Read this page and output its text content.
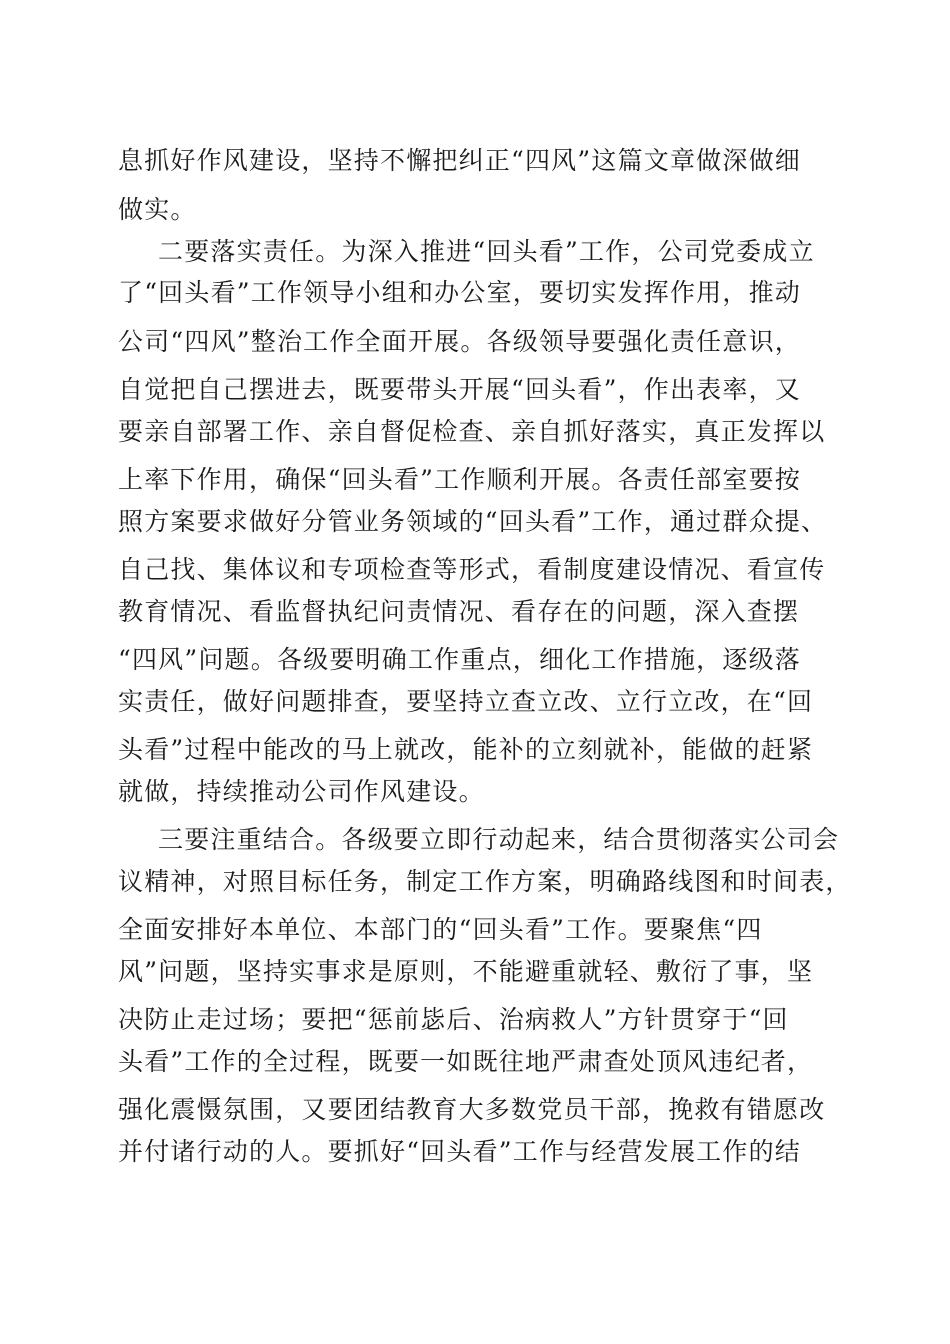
息抓好作风建设，坚持不懈把纠正“四风”这篇文章做深做细
做实。
二要落实责任。为深入推进“回头看”工作，公司党委成立
了“回头看”工作领导小组和办公室，要切实发挥作用，推动
公司“四风”整治工作全面开展。各级领导要强化责任意识，
自觉把自己摆进去，既要带头开展“回头看”，作出表率，又
要亲自部署工作、亲自督促检查、亲自抓好落实，真正发挥以
上率下作用，确保“回头看”工作顺利开展。各责任部室要按
照方案要求做好分管业务领域的“回头看”工作，通过群众提、
自己找、集体议和专项检查等形式，看制度建设情况、看宣传
教育情况、看监督执纪问责情况、看存在的问题，深入查摆
“四风”问题。各级要明确工作重点，细化工作措施，逐级落
实责任，做好问题排查，要坚持立查立改、立行立改，在“回
头看”过程中能改的马上就改，能补的立刻就补，能做的赶紧
就做，持续推动公司作风建设。
三要注重结合。各级要立即行动起来，结合贯彻落实公司会
议精神，对照目标任务，制定工作方案，明确路线图和时间表，
全面安排好本单位、本部门的“回头看”工作。要聚焦“四
风”问题，坚持实事求是原则，不能避重就轻、敷衍了事，坚
决防止走过场；要把“惩前毖后、治病救人”方针贯穿于“回
头看”工作的全过程，既要一如既往地严肃查处顶风违纪者，
强化震慑氛围，又要团结教育大多数党员干部，挽救有错愿改
并付诸行动的人。要抓好“回头看”工作与经营发展工作的结
